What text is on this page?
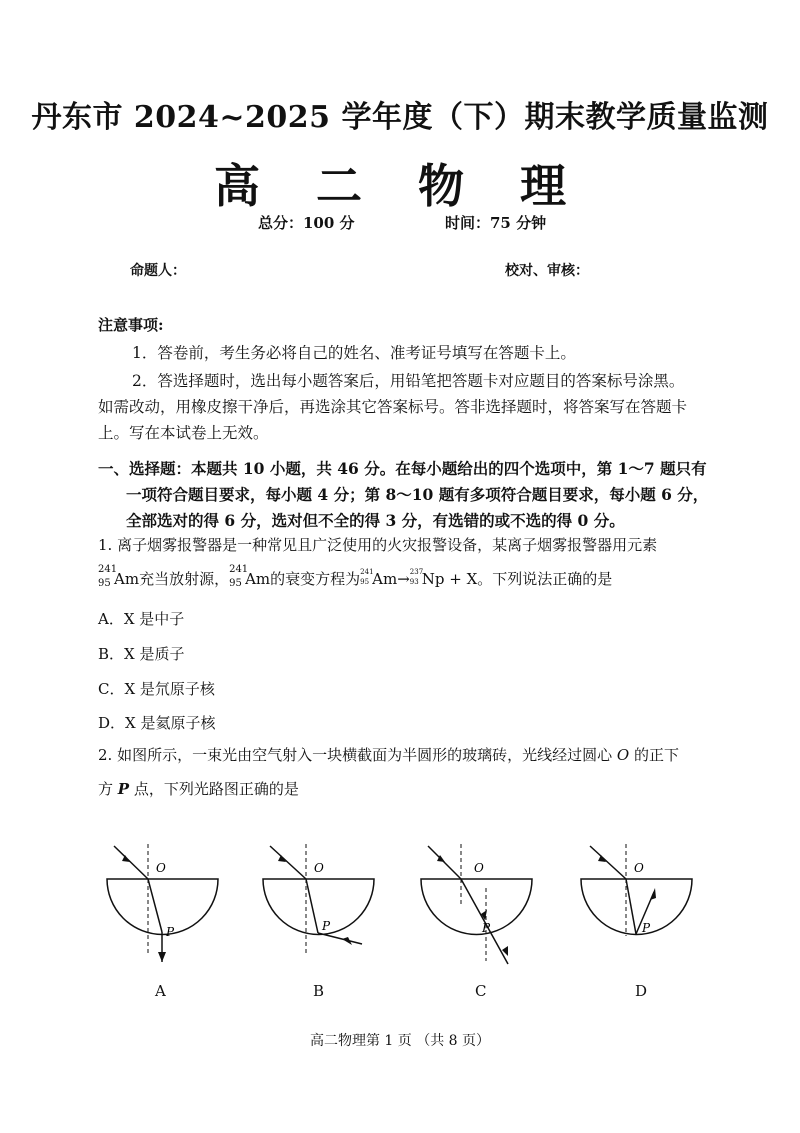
丹东市 2024~2025 学年度（下）期末教学质量监测
高 二 物 理
总分：100 分	时间：75 分钟
命题人：	校对、审核：
注意事项:
1．答卷前，考生务必将自己的姓名、准考证号填写在答题卡上。
2．答选择题时，选出每小题答案后，用铅笔把答题卡对应题目的答案标号涂黑。
如需改动，用橡皮擦干净后，再选涂其它答案标号。答非选择题时，将答案写在答题卡
上。写在本试卷上无效。
一、选择题：本题共 10 小题，共 46 分。在每小题给出的四个选项中，第 1～7 题只有
一项符合题目要求，每小题 4 分；第 8～10 题有多项符合题目要求，每小题 6 分，
全部选对的得 6 分，选对但不全的得 3 分，有选错的或不选的得 0 分。
1. 离子烟雾报警器是一种常见且广泛使用的火灾报警设备，某离子烟雾报警器用元素
241
95 Am充当放射源，
241
95 Am的衰变方程为 241
95 Am→ 237
93 Np + X。下列说法正确的是
A．X 是中子
B．X 是质子
C．X 是氘原子核
D．X 是氦原子核
2. 如图所示，一束光由空气射入一块横截面为半圆形的玻璃砖，光线经过圆心 O 的正下
方 P 点，下列光路图正确的是
O
P
O
P
O
P
O
P
A	B	C	D
高二物理第 1 页 （共 8 页）
